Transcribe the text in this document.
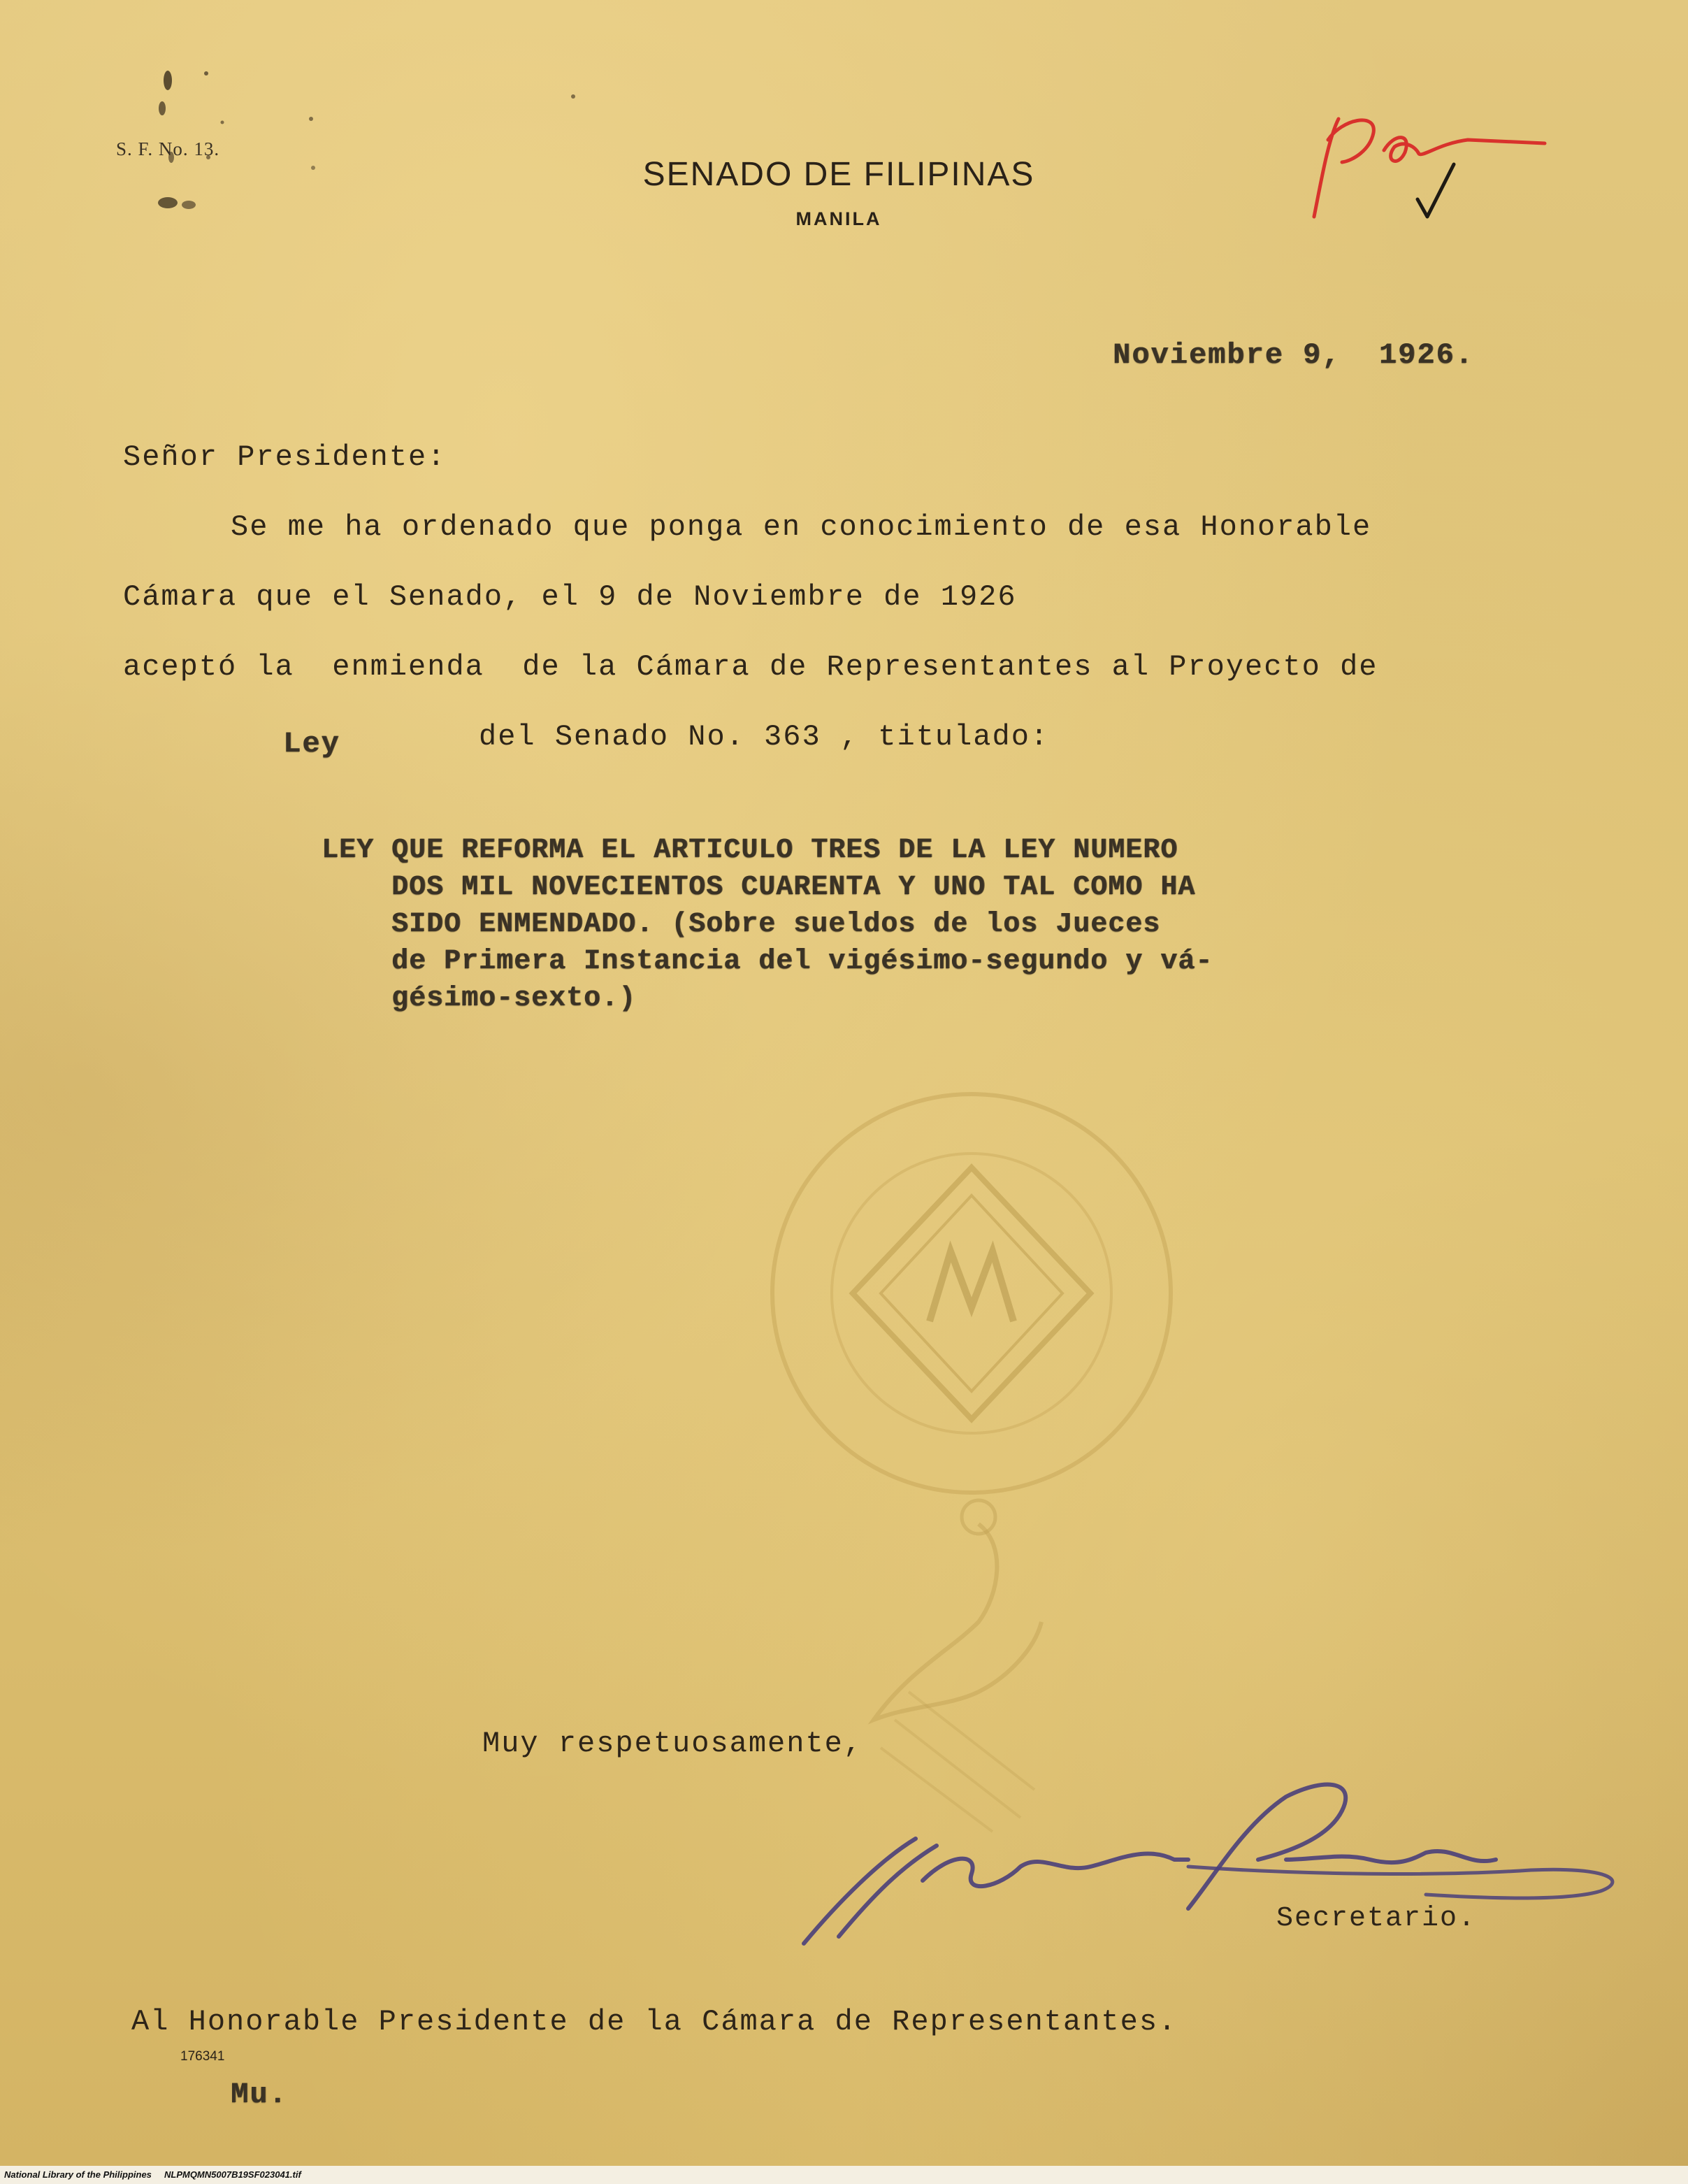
S. F. No. 13.
SENADO DE FILIPINAS
MANILA
Noviembre 9,  1926.
Señor Presidente:
Se me ha ordenado que ponga en conocimiento de esa Honorable
Cámara que el Senado, el 9 de Noviembre de 1926
aceptó la  enmienda  de la Cámara de Representantes al Proyecto de
Ley	del Senado No. 363 , titulado:
LEY QUE REFORMA EL ARTICULO TRES DE LA LEY NUMERO
DOS MIL NOVECIENTOS CUARENTA Y UNO TAL COMO HA
SIDO ENMENDADO. (Sobre sueldos de los Jueces
de Primera Instancia del vigésimo-segundo y vá-
gésimo-sexto.)
Muy respetuosamente,
Secretario.
Al Honorable Presidente de la Cámara de Representantes.
176341
Mu.
National Library of the Philippines NLPMQMN5007B19SF023041.tif
